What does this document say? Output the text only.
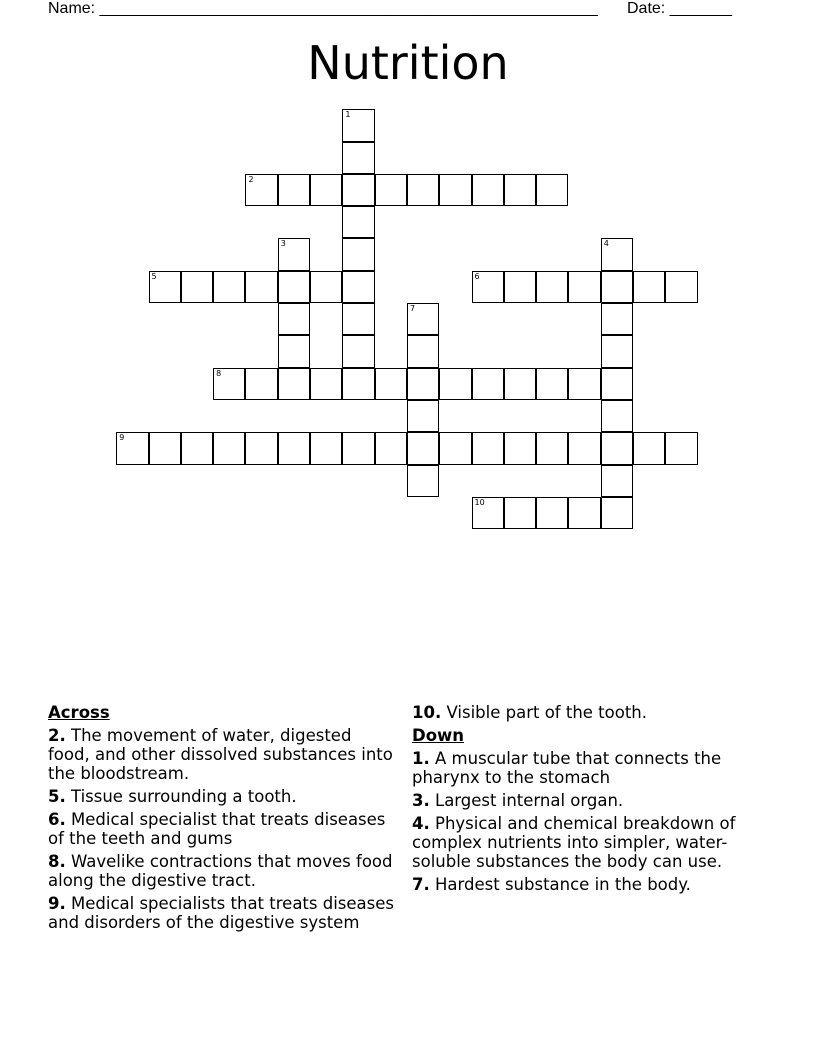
Name: ________________________________________________________ Date: _______
Nutrition
1
2
3	4
5	6
7
8
9
10
Across
2. The movement of water, digested food, and other dissolved substances into the bloodstream.
5. Tissue surrounding a tooth.
6. Medical specialist that treats diseases of the teeth and gums
8. Wavelike contractions that moves food along the digestive tract.
9. Medical specialists that treats diseases and disorders of the digestive system
10. Visible part of the tooth.
Down
1. A muscular tube that connects the pharynx to the stomach
3. Largest internal organ.
4. Physical and chemical breakdown of complex nutrients into simpler, water-soluble substances the body can use.
7. Hardest substance in the body.
